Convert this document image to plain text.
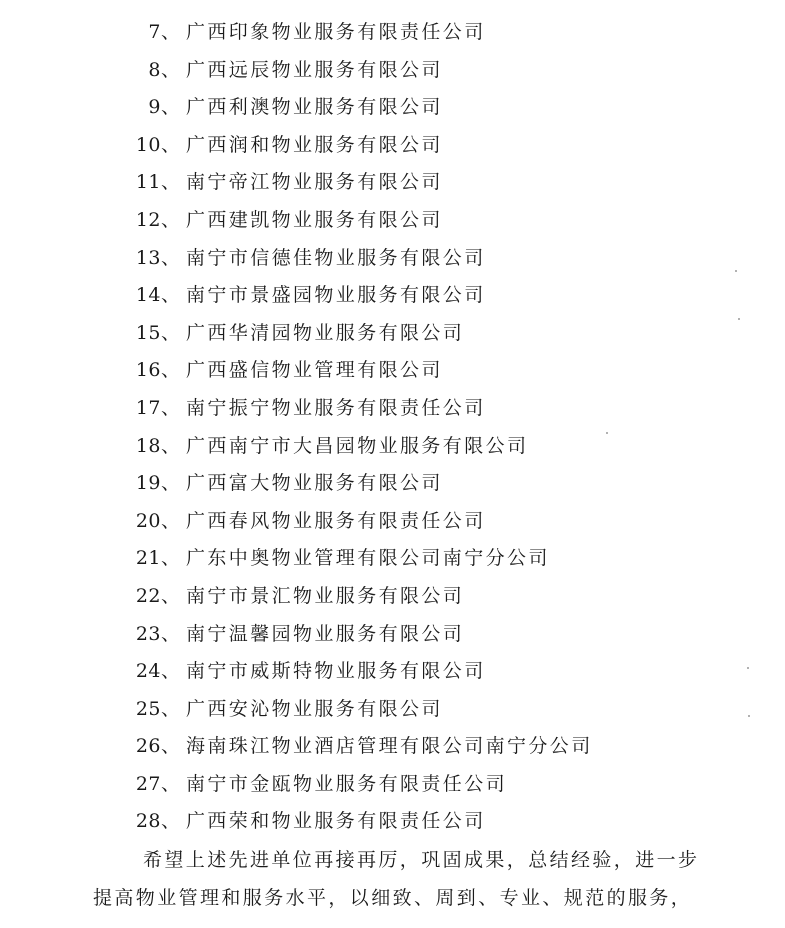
7 、 广西印象物业服务有限责任公司
8 、 广西远辰物业服务有限公司
9 、 广西利澳物业服务有限公司
10 、 广西润和物业服务有限公司
11 、 南宁帝江物业服务有限公司
12 、 广西建凯物业服务有限公司
13 、 南宁市信德佳物业服务有限公司
14 、 南宁市景盛园物业服务有限公司
15 、 广西华清园物业服务有限公司
16 、 广西盛信物业管理有限公司
17 、 南宁振宁物业服务有限责任公司
18 、 广西南宁市大昌园物业服务有限公司
19 、 广西富大物业服务有限公司
20 、 广西春风物业服务有限责任公司
21 、 广东中奥物业管理有限公司南宁分公司
22 、 南宁市景汇物业服务有限公司
23 、 南宁温馨园物业服务有限公司
24 、 南宁市威斯特物业服务有限公司
25 、 广西安沁物业服务有限公司
26 、 海南珠江物业酒店管理有限公司南宁分公司
27 、 南宁市金瓯物业服务有限责任公司
28 、 广西荣和物业服务有限责任公司
希望上述先进单位再接再厉，巩固成果，总结经验，进一步
提高物业管理和服务水平，以细致、周到、专业、规范的服务，
